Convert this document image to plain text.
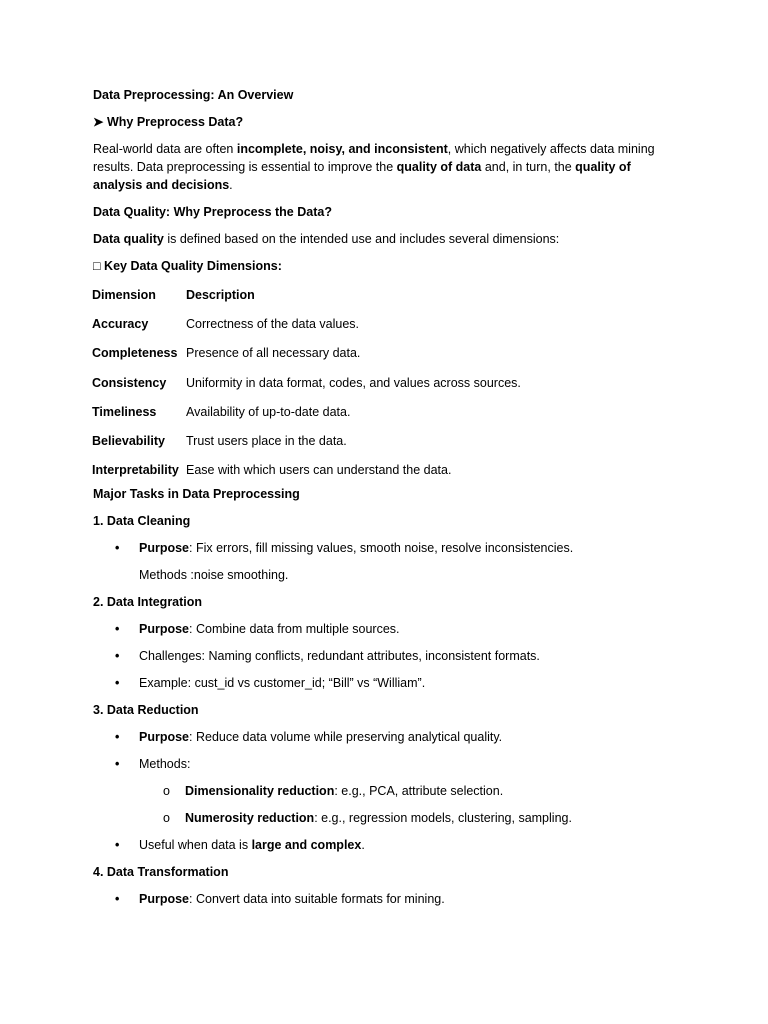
Data Preprocessing: An Overview

➤ Why Preprocess Data?

Real-world data are often incomplete, noisy, and inconsistent, which negatively affects data mining results. Data preprocessing is essential to improve the quality of data and, in turn, the quality of analysis and decisions.

Data Quality: Why Preprocess the Data?

Data quality is defined based on the intended use and includes several dimensions:

□ Key Data Quality Dimensions:

Dimension	Description
Accuracy	Correctness of the data values.
Completeness	Presence of all necessary data.
Consistency	Uniformity in data format, codes, and values across sources.
Timeliness	Availability of up-to-date data.
Believability	Trust users place in the data.
Interpretability	Ease with which users can understand the data.

Major Tasks in Data Preprocessing

1. Data Cleaning

• Purpose: Fix errors, fill missing values, smooth noise, resolve inconsistencies.

Methods :noise smoothing.

2. Data Integration

• Purpose: Combine data from multiple sources.
• Challenges: Naming conflicts, redundant attributes, inconsistent formats.
• Example: cust_id vs customer_id; “Bill” vs “William”.

3. Data Reduction

• Purpose: Reduce data volume while preserving analytical quality.
• Methods:
o Dimensionality reduction: e.g., PCA, attribute selection.
o Numerosity reduction: e.g., regression models, clustering, sampling.
• Useful when data is large and complex.

4. Data Transformation

• Purpose: Convert data into suitable formats for mining.
